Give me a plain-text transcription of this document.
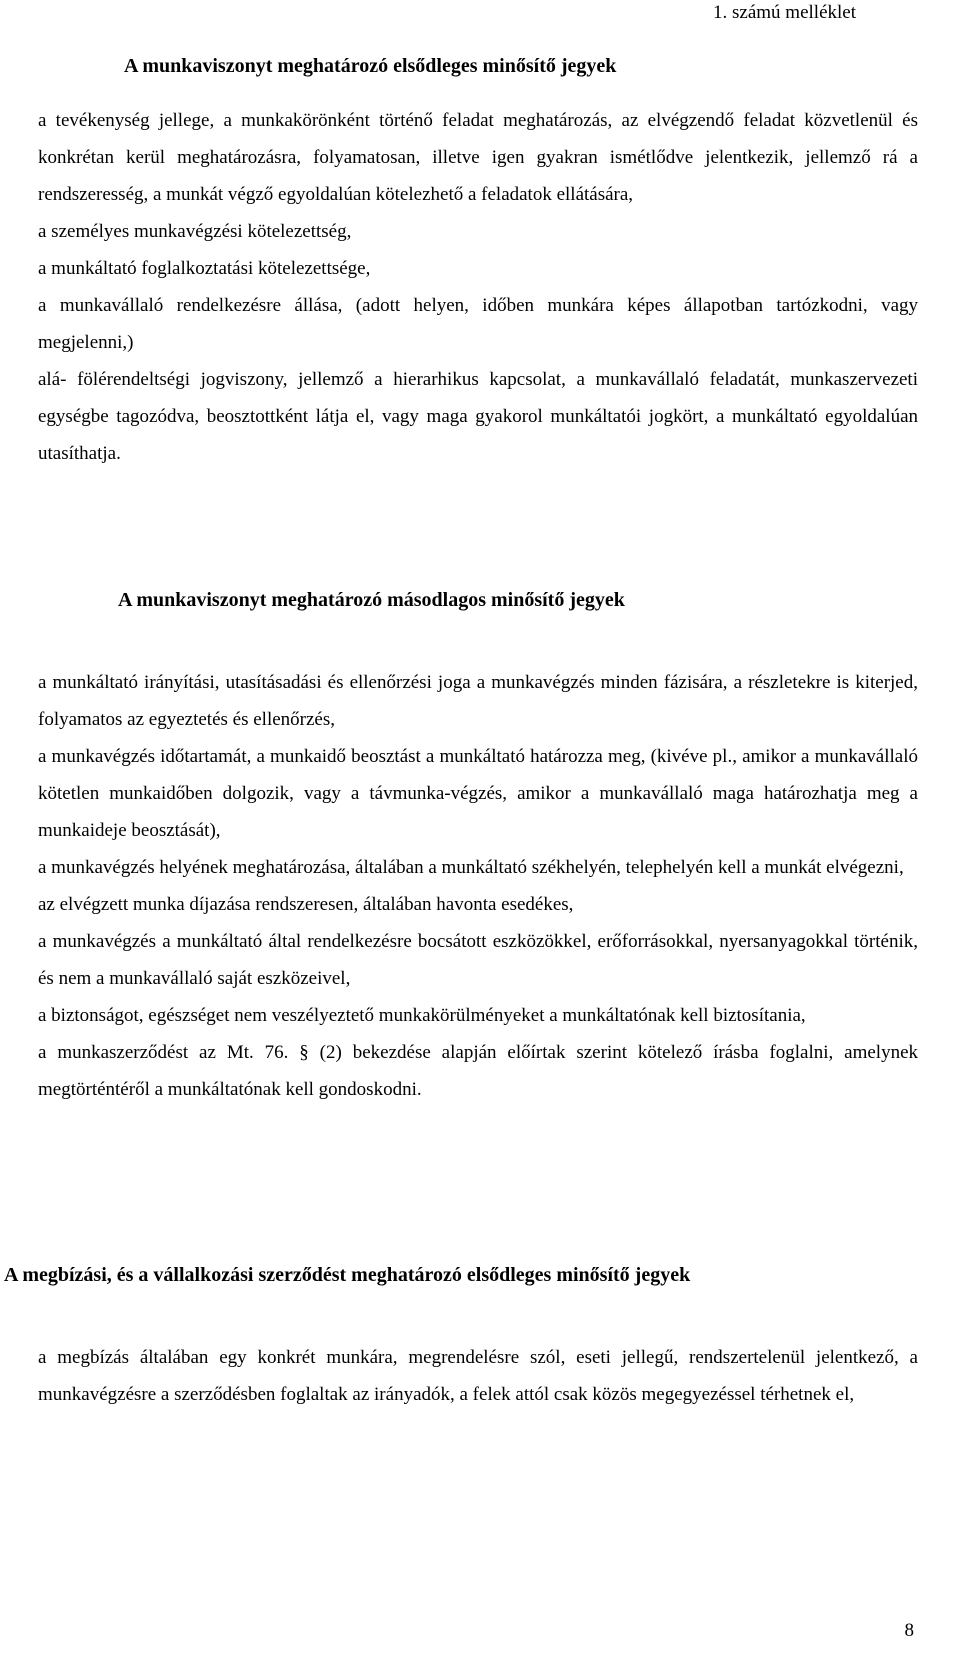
1. számú melléklet
A munkaviszonyt meghatározó elsődleges minősítő jegyek

a tevékenység jellege, a munkakörönként történő feladat meghatározás, az elvégzendő feladat közvetlenül és konkrétan kerül meghatározásra, folyamatosan, illetve igen gyakran ismétlődve jelentkezik, jellemző rá a rendszeresség, a munkát végző egyoldalúan kötelezhető a feladatok ellátására,

a személyes munkavégzési kötelezettség,

a munkáltató foglalkoztatási kötelezettsége,

a munkavállaló rendelkezésre állása, (adott helyen, időben munkára képes állapotban tartózkodni, vagy megjelenni,)

alá- fölérendeltségi jogviszony, jellemző a hierarhikus kapcsolat, a munkavállaló feladatát, munkaszervezeti egységbe tagozódva, beosztottként látja el, vagy maga gyakorol munkáltatói jogkört, a munkáltató egyoldalúan utasíthatja.

A munkaviszonyt meghatározó másodlagos minősítő jegyek

a munkáltató irányítási, utasításadási és ellenőrzési joga a munkavégzés minden fázisára, a részletekre is kiterjed, folyamatos az egyeztetés és ellenőrzés,

a munkavégzés időtartamát, a munkaidő beosztást a munkáltató határozza meg, (kivéve pl., amikor a munkavállaló kötetlen munkaidőben dolgozik, vagy a távmunka-végzés, amikor a munkavállaló maga határozhatja meg a munkaideje beosztását),

a munkavégzés helyének meghatározása, általában a munkáltató székhelyén, telephelyén kell a munkát elvégezni,

az elvégzett munka díjazása rendszeresen, általában havonta esedékes,

a munkavégzés a munkáltató által rendelkezésre bocsátott eszközökkel, erőforrásokkal, nyersanyagokkal történik, és nem a munkavállaló saját eszközeivel,

a biztonságot, egészséget nem veszélyeztető munkakörülményeket a munkáltatónak kell biztosítania,

a munkaszerződést az Mt. 76. § (2) bekezdése alapján előírtak szerint kötelező írásba foglalni, amelynek megtörténtéről a munkáltatónak kell gondoskodni.

A megbízási, és a vállalkozási szerződést meghatározó elsődleges minősítő jegyek

a megbízás általában egy konkrét munkára, megrendelésre szól, eseti jellegű, rendszertelenül jelentkező, a munkavégzésre a szerződésben foglaltak az irányadók, a felek attól csak közös megegyezéssel térhetnek el,

8
